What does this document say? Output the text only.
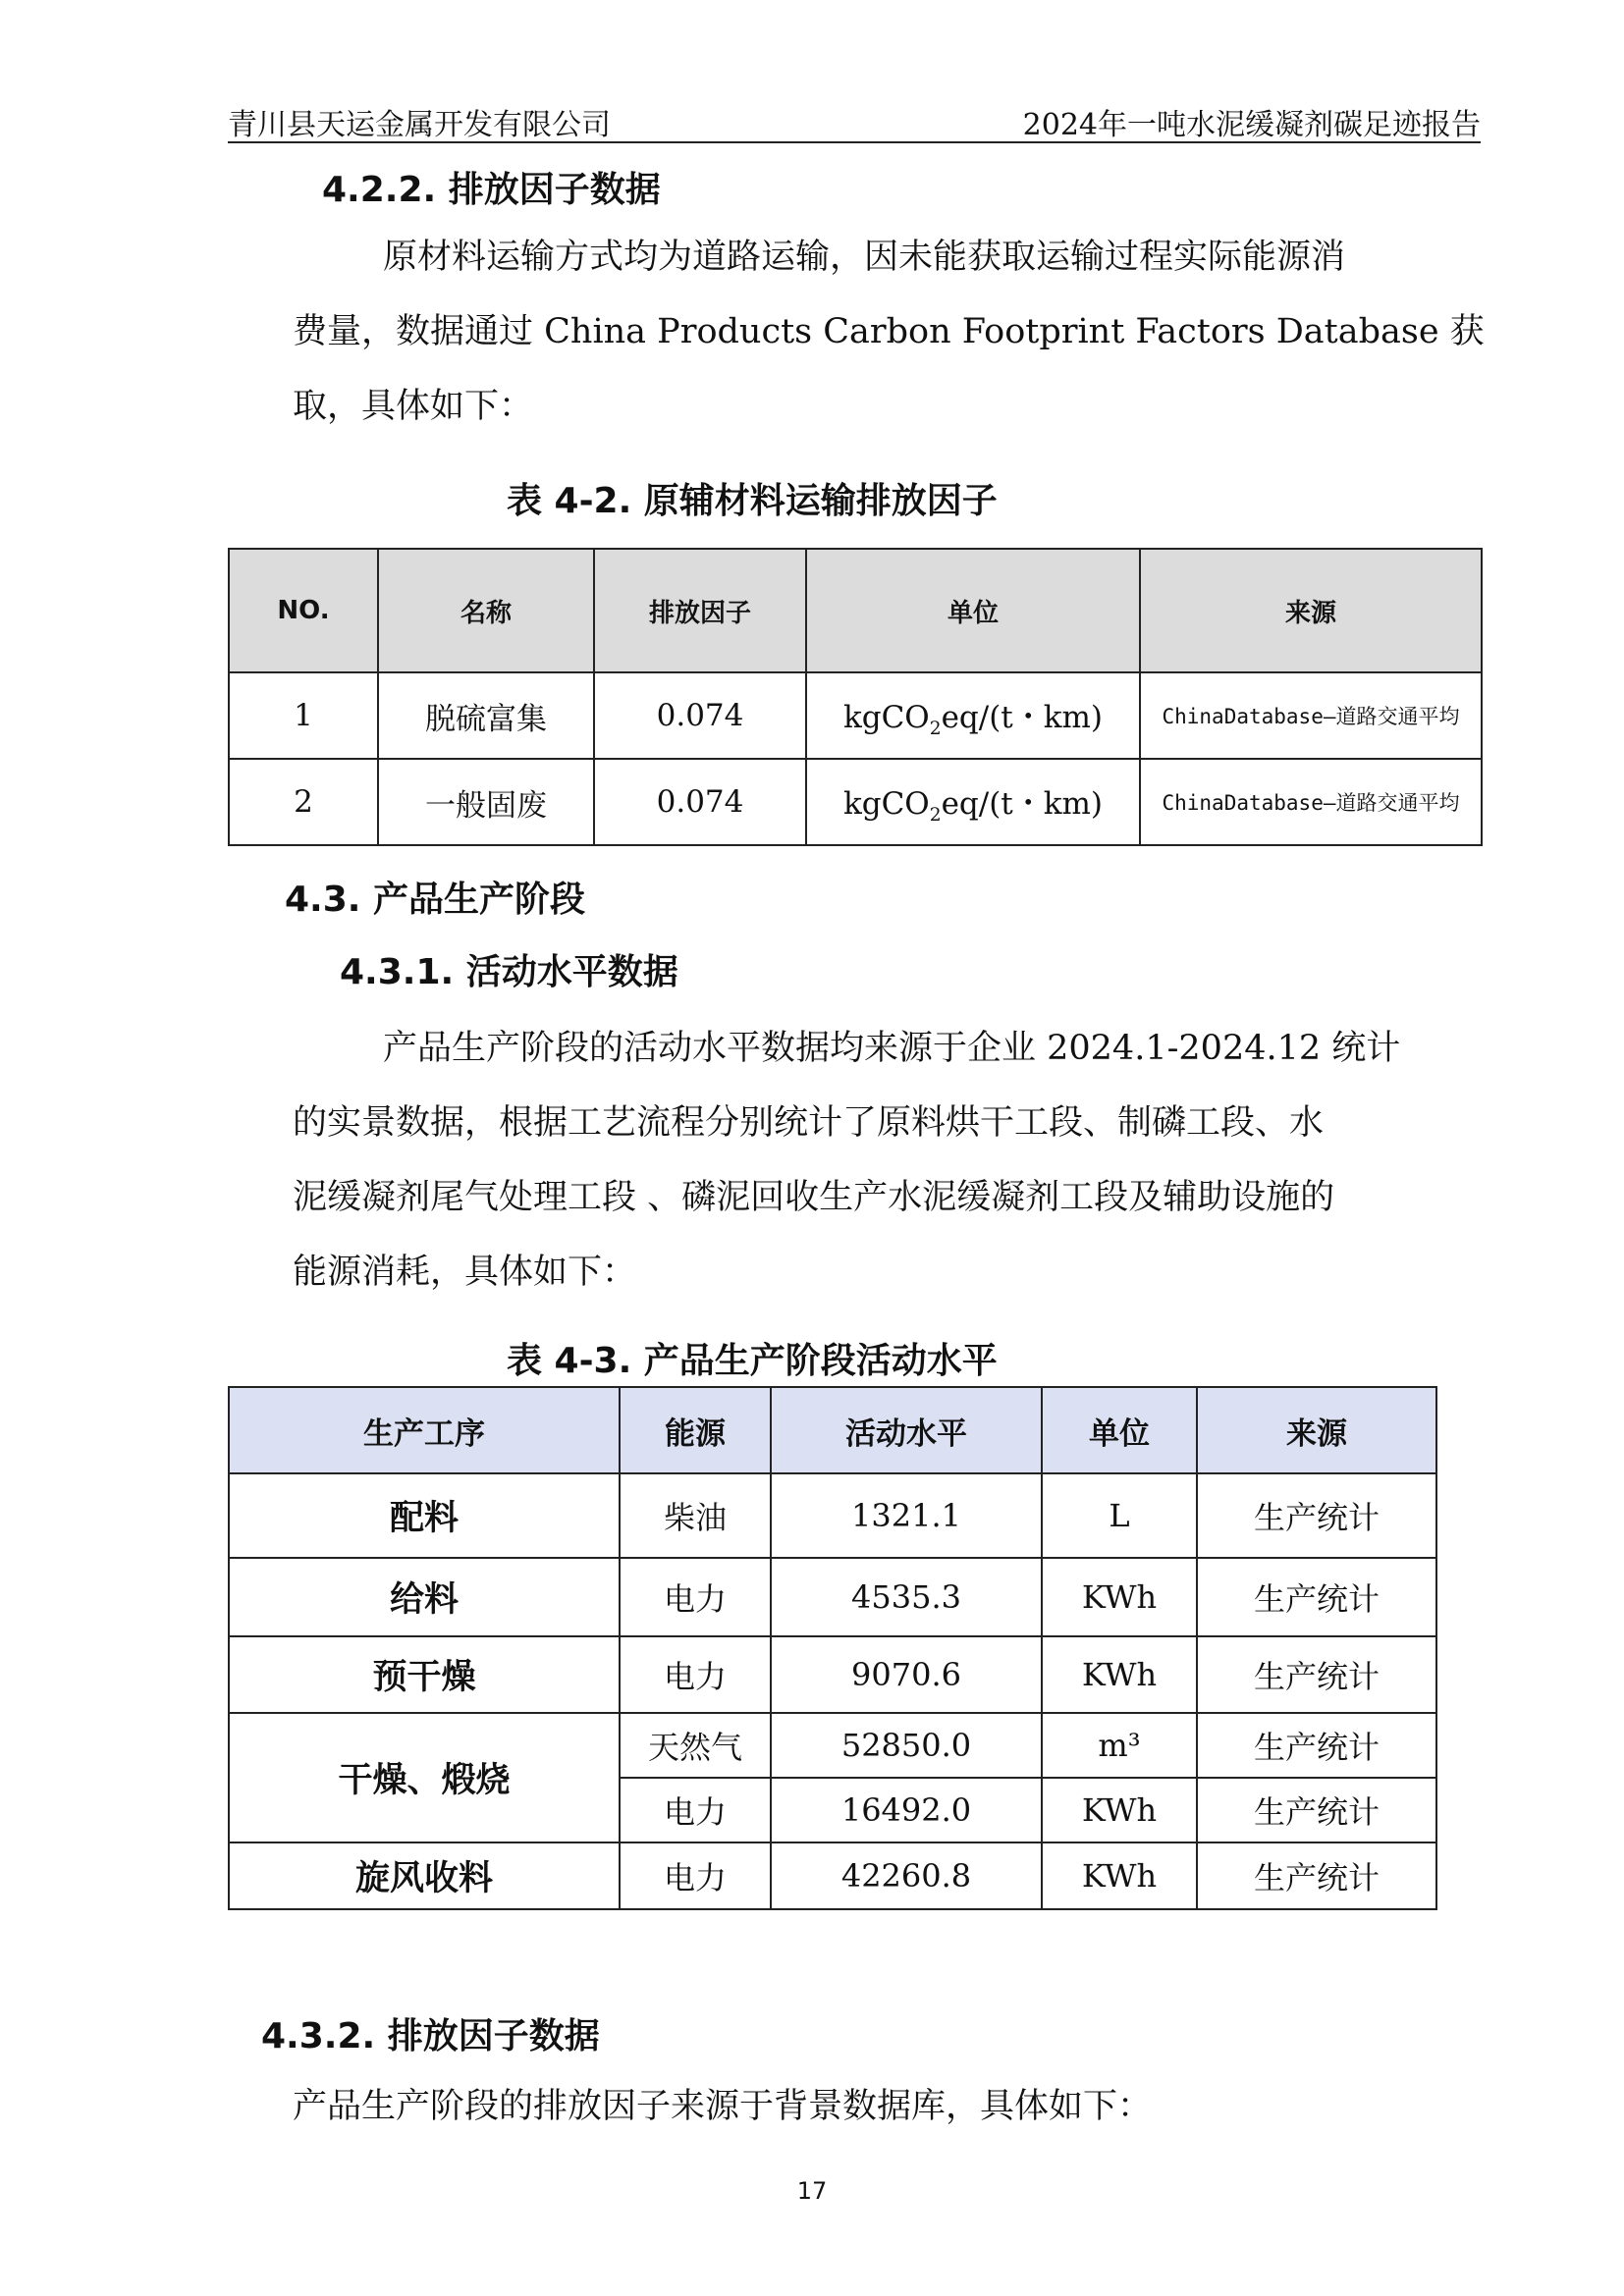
青川县天运金属开发有限公司	2024年一吨水泥缓凝剂碳足迹报告
4.2.2. 排放因子数据
原材料运输方式均为道路运输，因未能获取运输过程实际能源消
费量，数据通过 China Products Carbon Footprint Factors Database 获
取，具体如下：
表 4-2. 原辅材料运输排放因子
NO.	名称	排放因子	单位	来源
1	脱硫富集	0.074	kgCO$_2$eq/(t・km)	ChinaDatabase—道路交通平均
2	一般固废	0.074	kgCO$_2$eq/(t・km)	ChinaDatabase—道路交通平均
4.3. 产品生产阶段
4.3.1. 活动水平数据
产品生产阶段的活动水平数据均来源于企业 2024.1-2024.12 统计
的实景数据，根据工艺流程分别统计了原料烘干工段、制磷工段、水
泥缓凝剂尾气处理工段 、磷泥回收生产水泥缓凝剂工段及辅助设施的
能源消耗，具体如下：
表 4-3. 产品生产阶段活动水平
生产工序	能源	活动水平	单位	来源
配料	柴油	1321.1	L	生产统计
给料	电力	4535.3	KWh	生产统计
预干燥	电力	9070.6	KWh	生产统计
干燥、煅烧	天然气	52850.0	m³	生产统计
	电力	16492.0	KWh	生产统计
旋风收料	电力	42260.8	KWh	生产统计
4.3.2. 排放因子数据
产品生产阶段的排放因子来源于背景数据库，具体如下：
17
